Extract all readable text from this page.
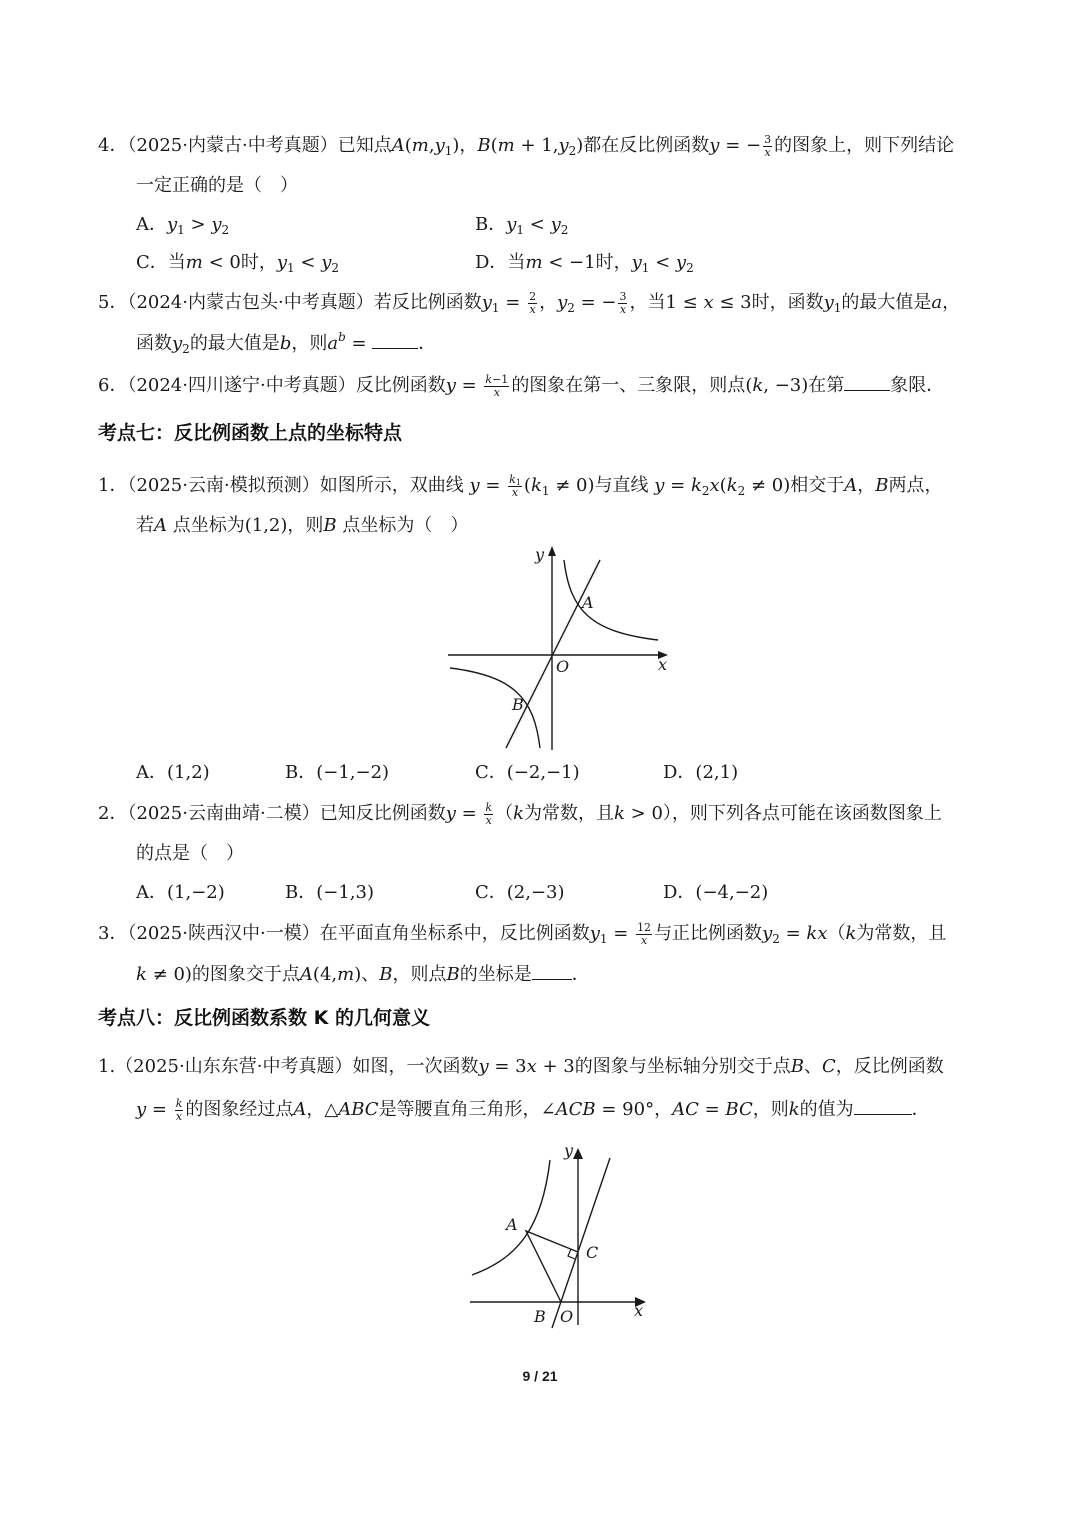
4．（2025·内蒙古·中考真题）已知点$A(m,y_1)$，$B(m + 1,y_2)$都在反比例函数y = − $\frac{3}{x}$ 的图象上，则下列结论
一定正确的是（　）
A．$y_1 > y_2$	B．$y_1 < y_2$
C．当m < 0时，$y_1 < y_2$	D．当m < −1时，$y_1 < y_2$
5．（2024·内蒙古包头·中考真题）若反比例函数$y_1 = \frac{2}{x}$ ，$y_2$ = − $\frac{3}{x}$ ，当1 ≤ x ≤ 3时，函数$y_1$的最大值是a，
函数$y_2$的最大值是b，则$a^b$ =	．
6．（2024·四川遂宁·中考真题）反比例函数$y = \frac{k-1}{x}$ 的图象在第一、三象限，则点(k, −3)在第	象限．
考点七：反比例函数上点的坐标特点
1．（2025·云南·模拟预测）如图所示，双曲线 $y = \frac{k_1}{x} (k_1 \ne 0)$与直线 $y = k_2x(k_2 \ne 0)$相交于A，B两点，
若A 点坐标为(1,2)，则B 点坐标为（　）
y
x
O
A
B
A．(1,2)	B．(−1,−2)	C．(−2,−1)	D．(2,1)
2．（2025·云南曲靖·二模）已知反比例函数$y = \frac{k}{x} (k$为常数，且k > 0），则下列各点可能在该函数图象上
的点是（　）
A．(1,−2)	B．(−1,3)	C．(2,−3)	D．(−4,−2)
3．（2025·陕西汉中·一模）在平面直角坐标系中，反比例函数$y_1 = \frac{12}{x}$ 与正比例函数$y_2 = kx(k$为常数，且
k ≠ 0)的图象交于点A(4,m)、B，则点B的坐标是 ．
考点八：反比例函数系数 K 的几何意义
1.（2025·山东东营·中考真题）如图，一次函数y = 3x + 3的图象与坐标轴分别交于点B、C，反比例函数
$y = \frac{k}{x}$ 的图象经过点A，△ABC是等腰直角三角形，∠ACB = 90°，AC = BC，则k的值为	．
y
x
A
B
C
O
9 / 21
